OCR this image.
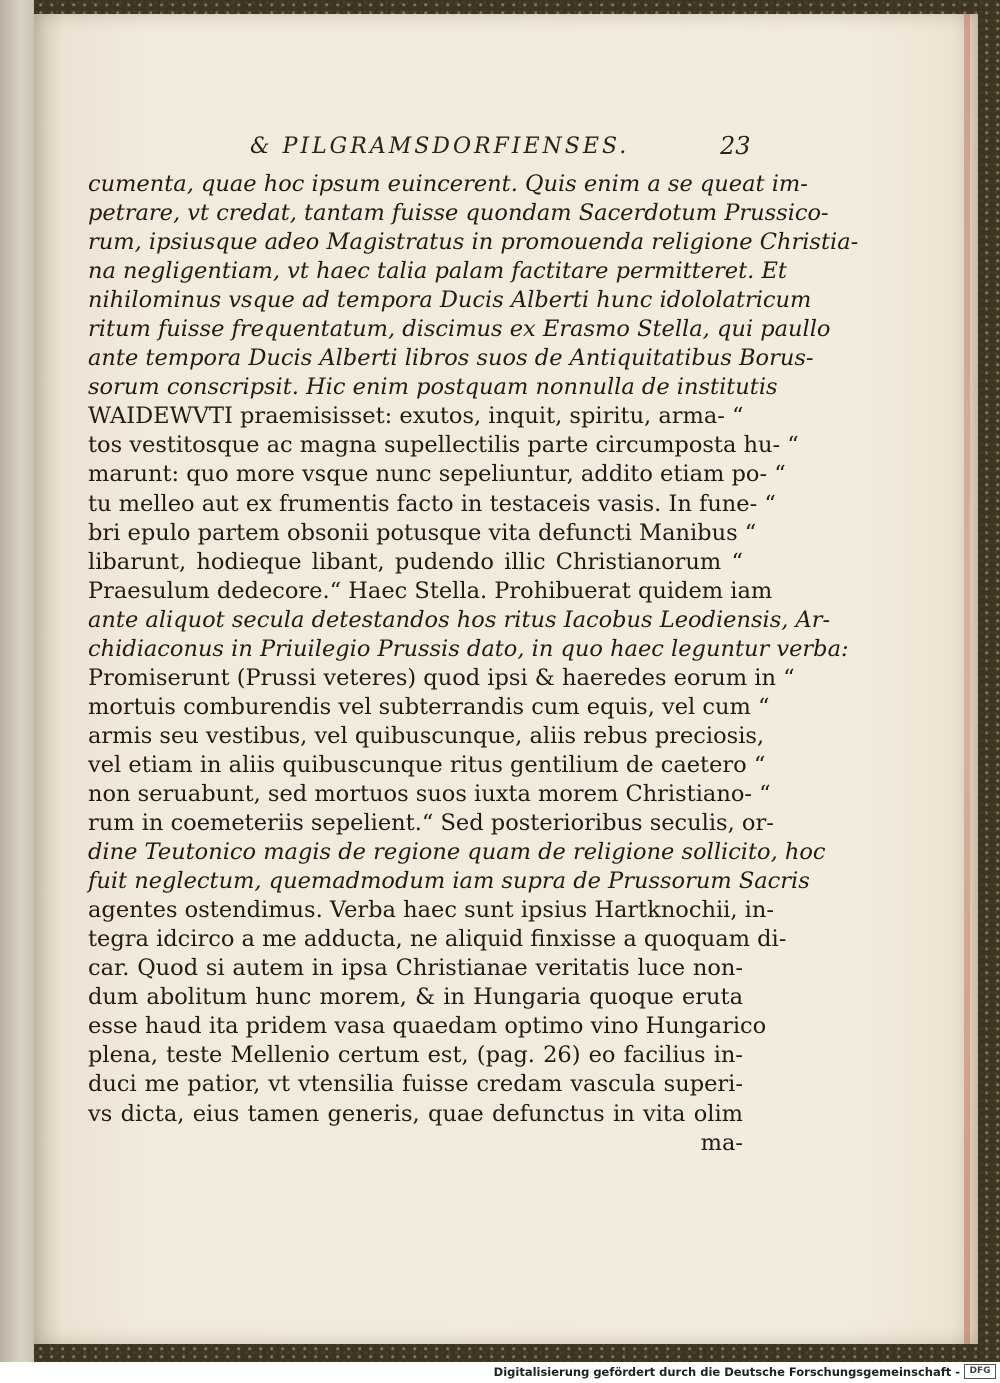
& PILGRAMSDORFIENSES.	23
cumenta, quae hoc ipsum euincerent. Quis enim a se queat im-
petrare, vt credat, tantam fuisse quondam Sacerdotum Prussico-
rum, ipsiusque adeo Magistratus in promouenda religione Christia-
na negligentiam, vt haec talia palam factitare permitteret. Et
nihilominus vsque ad tempora Ducis Alberti hunc idololatricum
ritum fuisse frequentatum, discimus ex Erasmo Stella, qui paullo
ante tempora Ducis Alberti libros suos de Antiquitatibus Borus-
sorum conscripsit. Hic enim postquam nonnulla de institutis
WAIDEWVTI praemisisset: exutos, inquit, spiritu, arma- “
tos vestitosque ac magna supellectilis parte circumposta hu- “
marunt: quo more vsque nunc sepeliuntur, addito etiam po- “
tu melleo aut ex frumentis facto in testaceis vasis. In fune- “
bri epulo partem obsonii potusque vita defuncti Manibus “
libarunt, hodieque libant, pudendo illic Christianorum “
Praesulum dedecore.“ Haec Stella. Prohibuerat quidem iam
ante aliquot secula detestandos hos ritus Iacobus Leodiensis, Ar-
chidiaconus in Priuilegio Prussis dato, in quo haec leguntur verba:
Promiserunt (Prussi veteres) quod ipsi & haeredes eorum in “
mortuis comburendis vel subterrandis cum equis, vel cum “
armis seu vestibus, vel quibuscunque, aliis rebus preciosis,
vel etiam in aliis quibuscunque ritus gentilium de caetero “
non seruabunt, sed mortuos suos iuxta morem Christiano- “
rum in coemeteriis sepelient.“ Sed posterioribus seculis, or-
dine Teutonico magis de regione quam de religione sollicito, hoc
fuit neglectum, quemadmodum iam supra de Prussorum Sacris
agentes ostendimus. Verba haec sunt ipsius Hartknochii, in-
tegra idcirco a me adducta, ne aliquid finxisse a quoquam di-
car. Quod si autem in ipsa Christianae veritatis luce non-
dum abolitum hunc morem, & in Hungaria quoque eruta
esse haud ita pridem vasa quaedam optimo vino Hungarico
plena, teste Mellenio certum est, (pag. 26) eo facilius in-
duci me patior, vt vtensilia fuisse credam vascula superi-
vs dicta, eius tamen generis, quae defunctus in vita olim
ma-
Digitalisierung gefördert durch die Deutsche Forschungsgemeinschaft -	DFG
